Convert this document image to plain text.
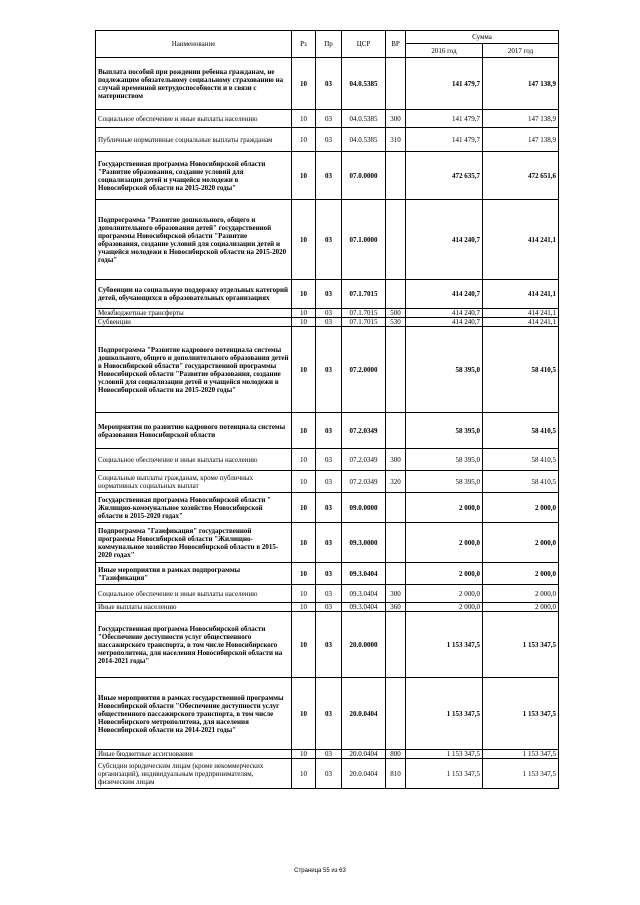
Наименование	Рз	Пр	ЦСР	ВР	Сумма	
					2016 год	2017 год
Выплата пособий при рождении ребенка гражданам, не подлежащим обязательному социальному страхованию на случай временной нетрудоспособности и в связи с материнством	10	03	04.0.5385		141 479,7	147 138,9
Социальное обеспечение и иные выплаты населению	10	03	04.0.5385	300	141 479,7	147 138,9
Публичные нормативные социальные выплаты гражданам	10	03	04.0.5385	310	141 479,7	147 138,9
Государственная программа Новосибирской области "Развитие образования, создание условий для социализации детей и учащейся молодежи в Новосибирской области на 2015-2020 годы"	10	03	07.0.0000		472 635,7	472 651,6
Подпрограмма "Развитие дошкольного, общего и дополнительного образования детей" государственной программы Новосибирской области "Развитие образования, создание условий для социализации детей и учащейся молодежи в Новосибирской области на 2015-2020 годы"	10	03	07.1.0000		414 240,7	414 241,1
Субвенции на социальную поддержку отдельных категорий детей, обучающихся в образовательных организациях	10	03	07.1.7015		414 240,7	414 241,1
Межбюджетные трансферты	10	03	07.1.7015	500	414 240,7	414 241,1
Субвенции	10	03	07.1.7015	530	414 240,7	414 241,1
Подпрограмма "Развитие кадрового потенциала системы дошкольного, общего и дополнительного образования детей в Новосибирской области" государственной программы Новосибирской области "Развитие образования, создание условий для социализации детей и учащейся молодежи в Новосибирской области на 2015-2020 годы"	10	03	07.2.0000		58 395,0	58 410,5
Мероприятия по развитию кадрового потенциала системы образования Новосибирской области	10	03	07.2.0349		58 395,0	58 410,5
Социальное обеспечение и иные выплаты населению	10	03	07.2.0349	300	58 395,0	58 410,5
Социальные выплаты гражданам, кроме публичных нормативных социальных выплат	10	03	07.2.0349	320	58 395,0	58 410,5
Государственная программа Новосибирской области " Жилищно-коммунальное хозяйство Новосибирской области в 2015-2020 годах"	10	03	09.0.0000		2 000,0	2 000,0
Подпрограмма "Газификация" государственной программы Новосибирской области "Жилищно-коммунальное хозяйство Новосибирской области в 2015-2020 годах"	10	03	09.3.0000		2 000,0	2 000,0
Иные мероприятия в рамках подпрограммы "Газификация"	10	03	09.3.0404		2 000,0	2 000,0
Социальное обеспечение и иные выплаты населению	10	03	09.3.0404	300	2 000,0	2 000,0
Иные выплаты населению	10	03	09.3.0404	360	2 000,0	2 000,0
Государственная программа Новосибирской области "Обеспечение доступности услуг общественного пассажирского транспорта, в том числе Новосибирского метрополитена, для населения Новосибирской области на 2014-2021 годы"	10	03	20.0.0000		1 153 347,5	1 153 347,5
Иные мероприятия в рамках государственной программы Новосибирской области "Обеспечение доступности услуг общественного пассажирского транспорта, в том числе Новосибирского метрополитена, для населения Новосибирской области на 2014-2021 годы"	10	03	20.0.0404		1 153 347,5	1 153 347,5
Иные бюджетные ассигнования	10	03	20.0.0404	800	1 153 347,5	1 153 347,5
Субсидии юридическим лицам (кроме некоммерческих организаций), индивидуальным предпринимателям, физическим лицам	10	03	20.0.0404	810	1 153 347,5	1 153 347,5
Страница 55 из 63
